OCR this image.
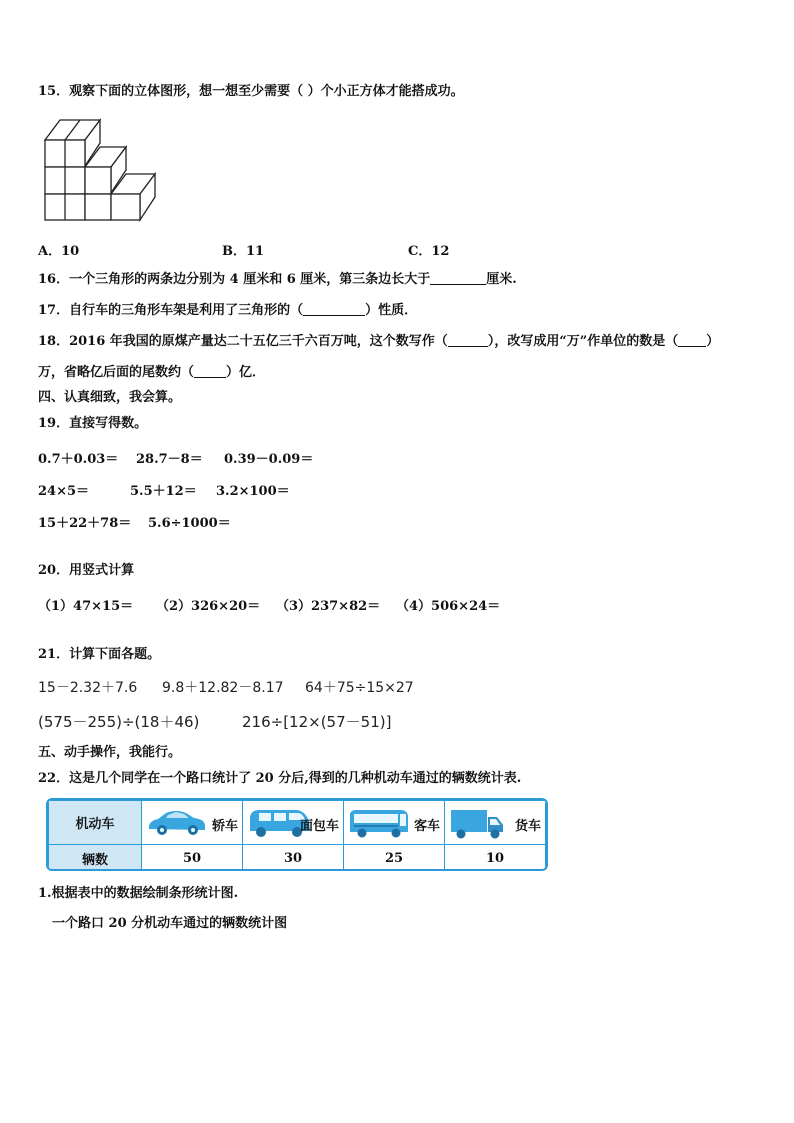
15．观察下面的立体图形，想一想至少需要（ ）个小正方体才能搭成功。
A．10	B．11	C．12
16．一个三角形的两条边分别为 4 厘米和 6 厘米，第三条边长大于	厘米.
17．自行车的三角形车架是利用了三角形的（	）性质．
18．2016 年我国的原煤产量达二十五亿三千六百万吨，这个数写作（	），改写成用“万”作单位的数是（ ）
万，省略亿后面的尾数约（ ）亿．
四、认真细致，我会算。
19．直接写得数。
0.7＋0.03＝ 28.7－8＝ 0.39－0.09＝
24×5＝	5.5＋12＝ 3.2×100＝
15＋22＋78＝ 5.6÷1000＝
20．用竖式计算
（1）47×15＝ （2）326×20＝ （3）237×82＝ （4）506×24＝
21．计算下面各题。
15－2.32＋7.6 9.8＋12.82－8.17 64＋75÷15×27
(575－255)÷(18＋46)	216÷[12×(57－51)]
五、动手操作，我能行。
22．这是几个同学在一个路口统计了 20 分后,得到的几种机动车通过的辆数统计表.
机动车	轿车	面包车	客车	货车

辆数	50	30	25	10
1.根据表中的数据绘制条形统计图.
一个路口 20 分机动车通过的辆数统计图
